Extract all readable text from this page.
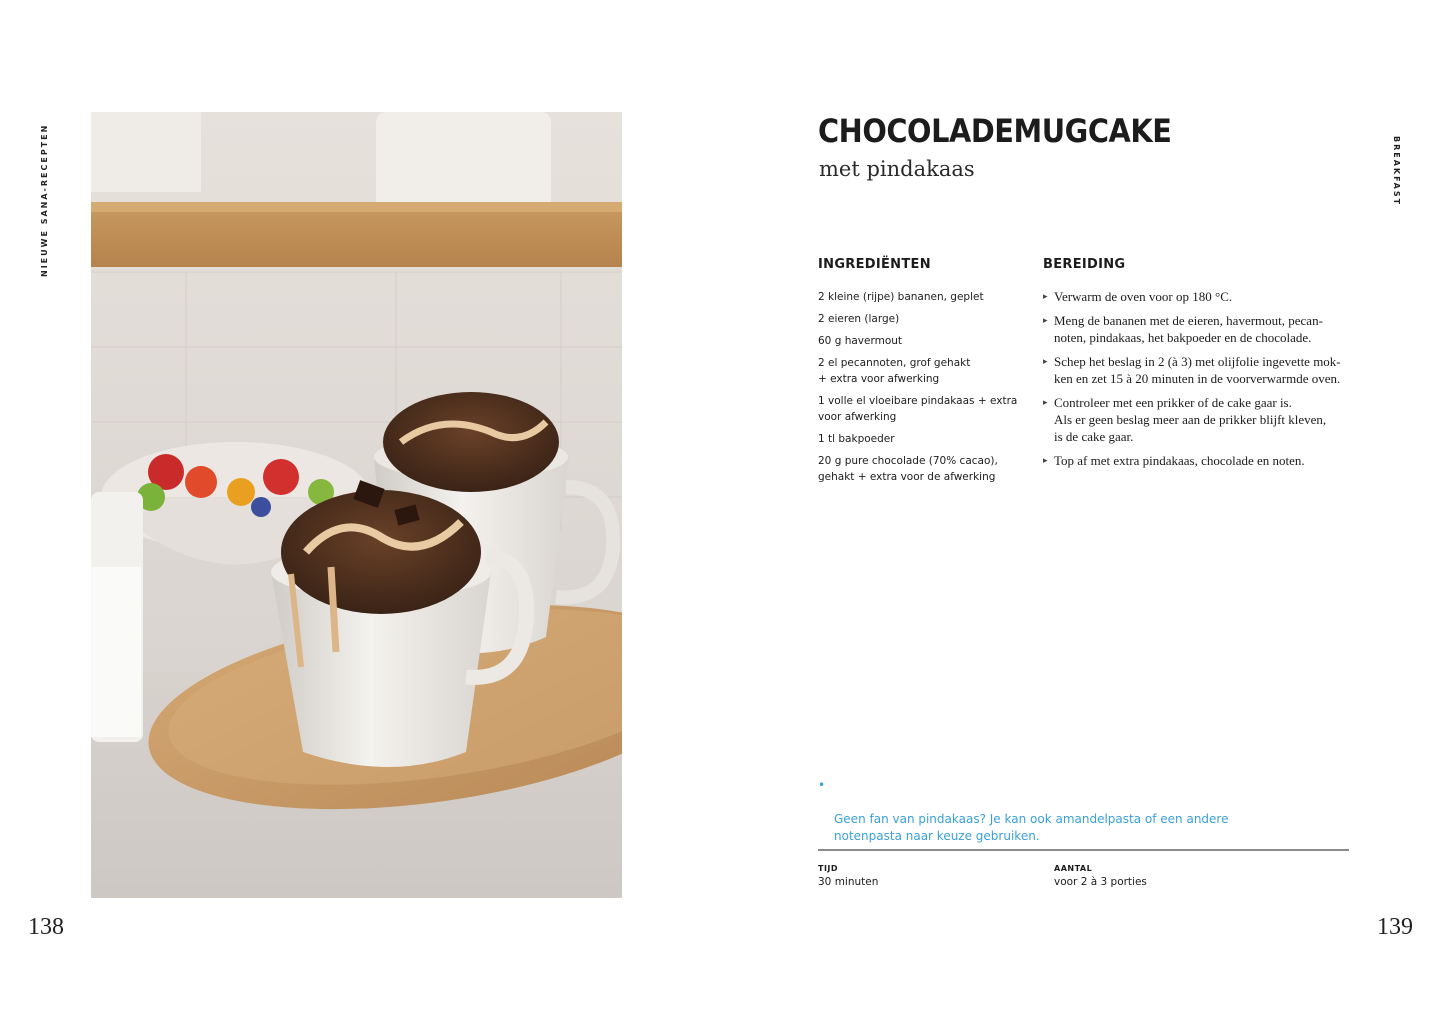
NIEUWE SANA-RECEPTEN
138
CHOCOLADEMUGCAKE
met pindakaas	BREAKFAST
INGREDIËNTEN	BEREIDING
2 kleine (rijpe) bananen, geplet
2 eieren (large)
60 g havermout
2 el pecannoten, grof gehakt
+ extra voor afwerking
1 volle el vloeibare pindakaas + extra
voor afwerking
1 tl bakpoeder
20 g pure chocolade (70% cacao),
gehakt + extra voor de afwerking
▸ Verwarm de oven voor op 180 °C.
▸ Meng de bananen met de eieren, havermout, pecan-
noten, pindakaas, het bakpoeder en de chocolade.
▸ Schep het beslag in 2 (à 3) met olijfolie ingevette mok-
ken en zet 15 à 20 minuten in de voorverwarmde oven.
▸ Controleer met een prikker of de cake gaar is.
Als er geen beslag meer aan de prikker blijft kleven,
is de cake gaar.
▸ Top af met extra pindakaas, chocolade en noten.

•

Geen fan van pindakaas? Je kan ook amandelpasta of een andere
notenpasta naar keuze gebruiken.

TIJD
30 minuten
AANTAL
voor 2 à 3 porties
139
